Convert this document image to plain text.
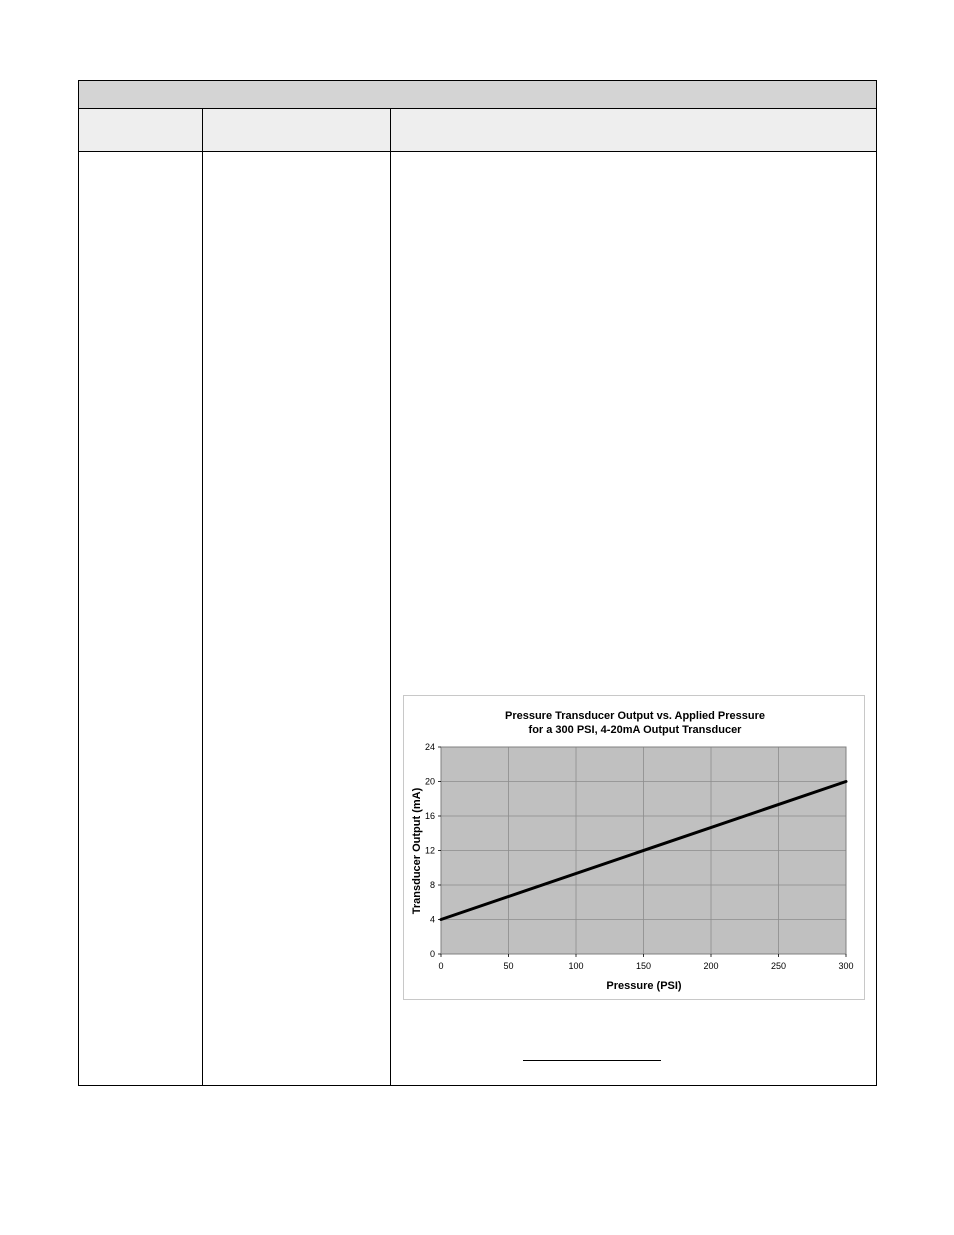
Pressure Transducer Output vs. Applied Pressure
for a 300 PSI, 4-20mA Output Transducer
0	50	100	150	200	250	300
0
4
8
12
16
20
24
Pressure (PSI)
Transducer Output (mA)
